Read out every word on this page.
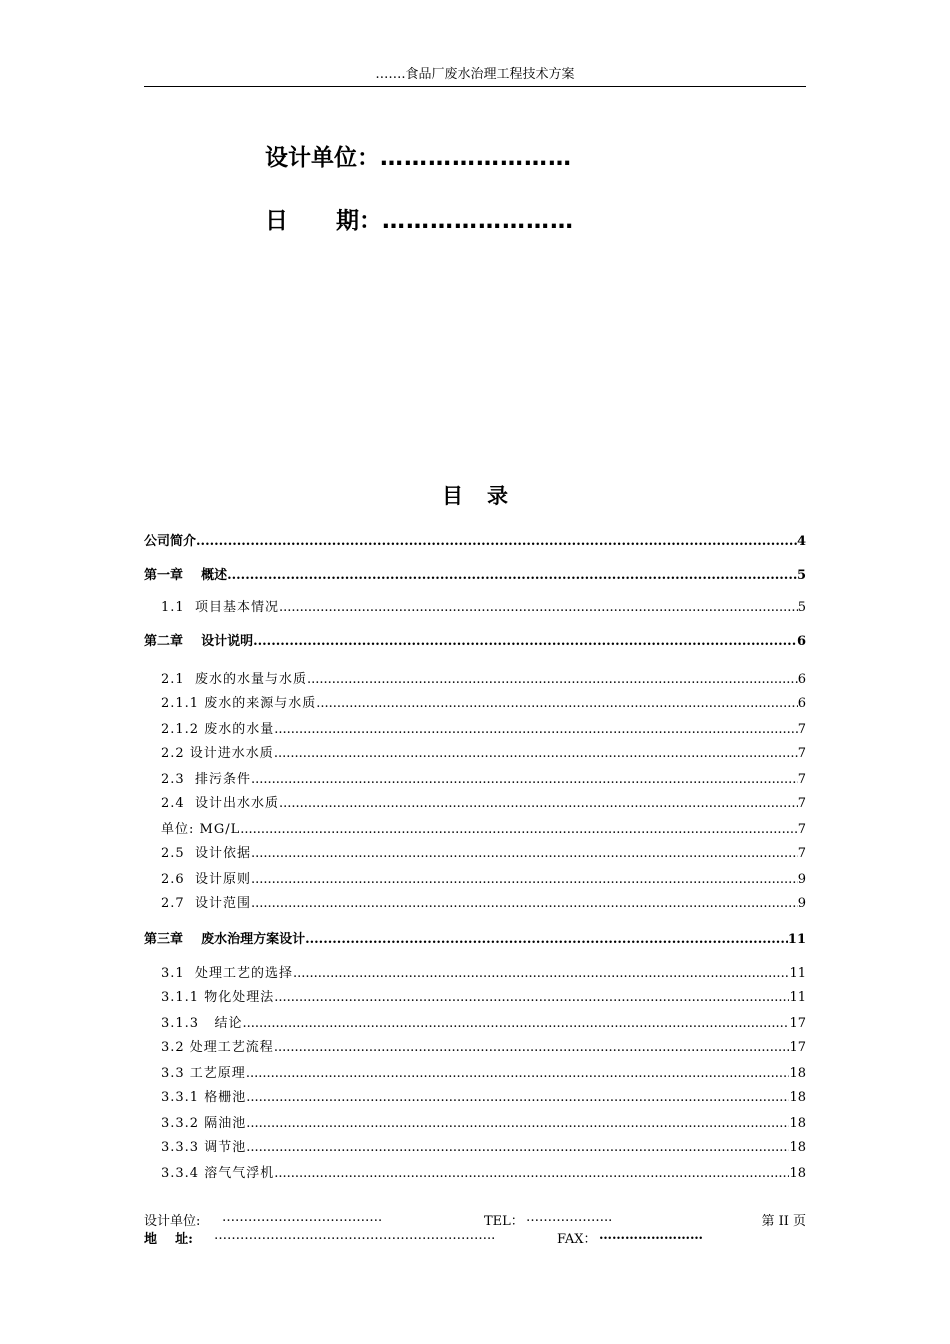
…….食品厂废水治理工程技术方案
设计单位：……………………
日      期：……………………
目录
公司简介 .....	4
第一章    概述 .....	5
1.1  项目基本情况 .....	5
第二章    设计说明 .....	6
2.1  废水的水量与水质 .....	6
2.1.1 废水的来源与水质 .....	6
2.1.2 废水的水量 .....	7
2.2 设计进水水质 .....	7
2.3  排污条件 .....	7
2.4  设计出水水质 .....	7
单位: MG/L .....	7
2.5  设计依据 .....	7
2.6  设计原则 .....	9
2.7  设计范围 .....	9
第三章    废水治理方案设计 .....	11
3.1  处理工艺的选择 .....	11
3.1.1 物化处理法 .....	11
3.1.3   结论 .....	17
3.2 处理工艺流程 .....	17
3.3 工艺原理 .....	18
3.3.1 格栅池 .....	18
3.3.2 隔油池 .....	18
3.3.3 调节池 .....	18
3.3.4 溶气气浮机 .....	18
设计单位: ……………………………….	TEL： ………………..	第 II 页
地    址: ………………………………………………………..	FAX： ……………………
